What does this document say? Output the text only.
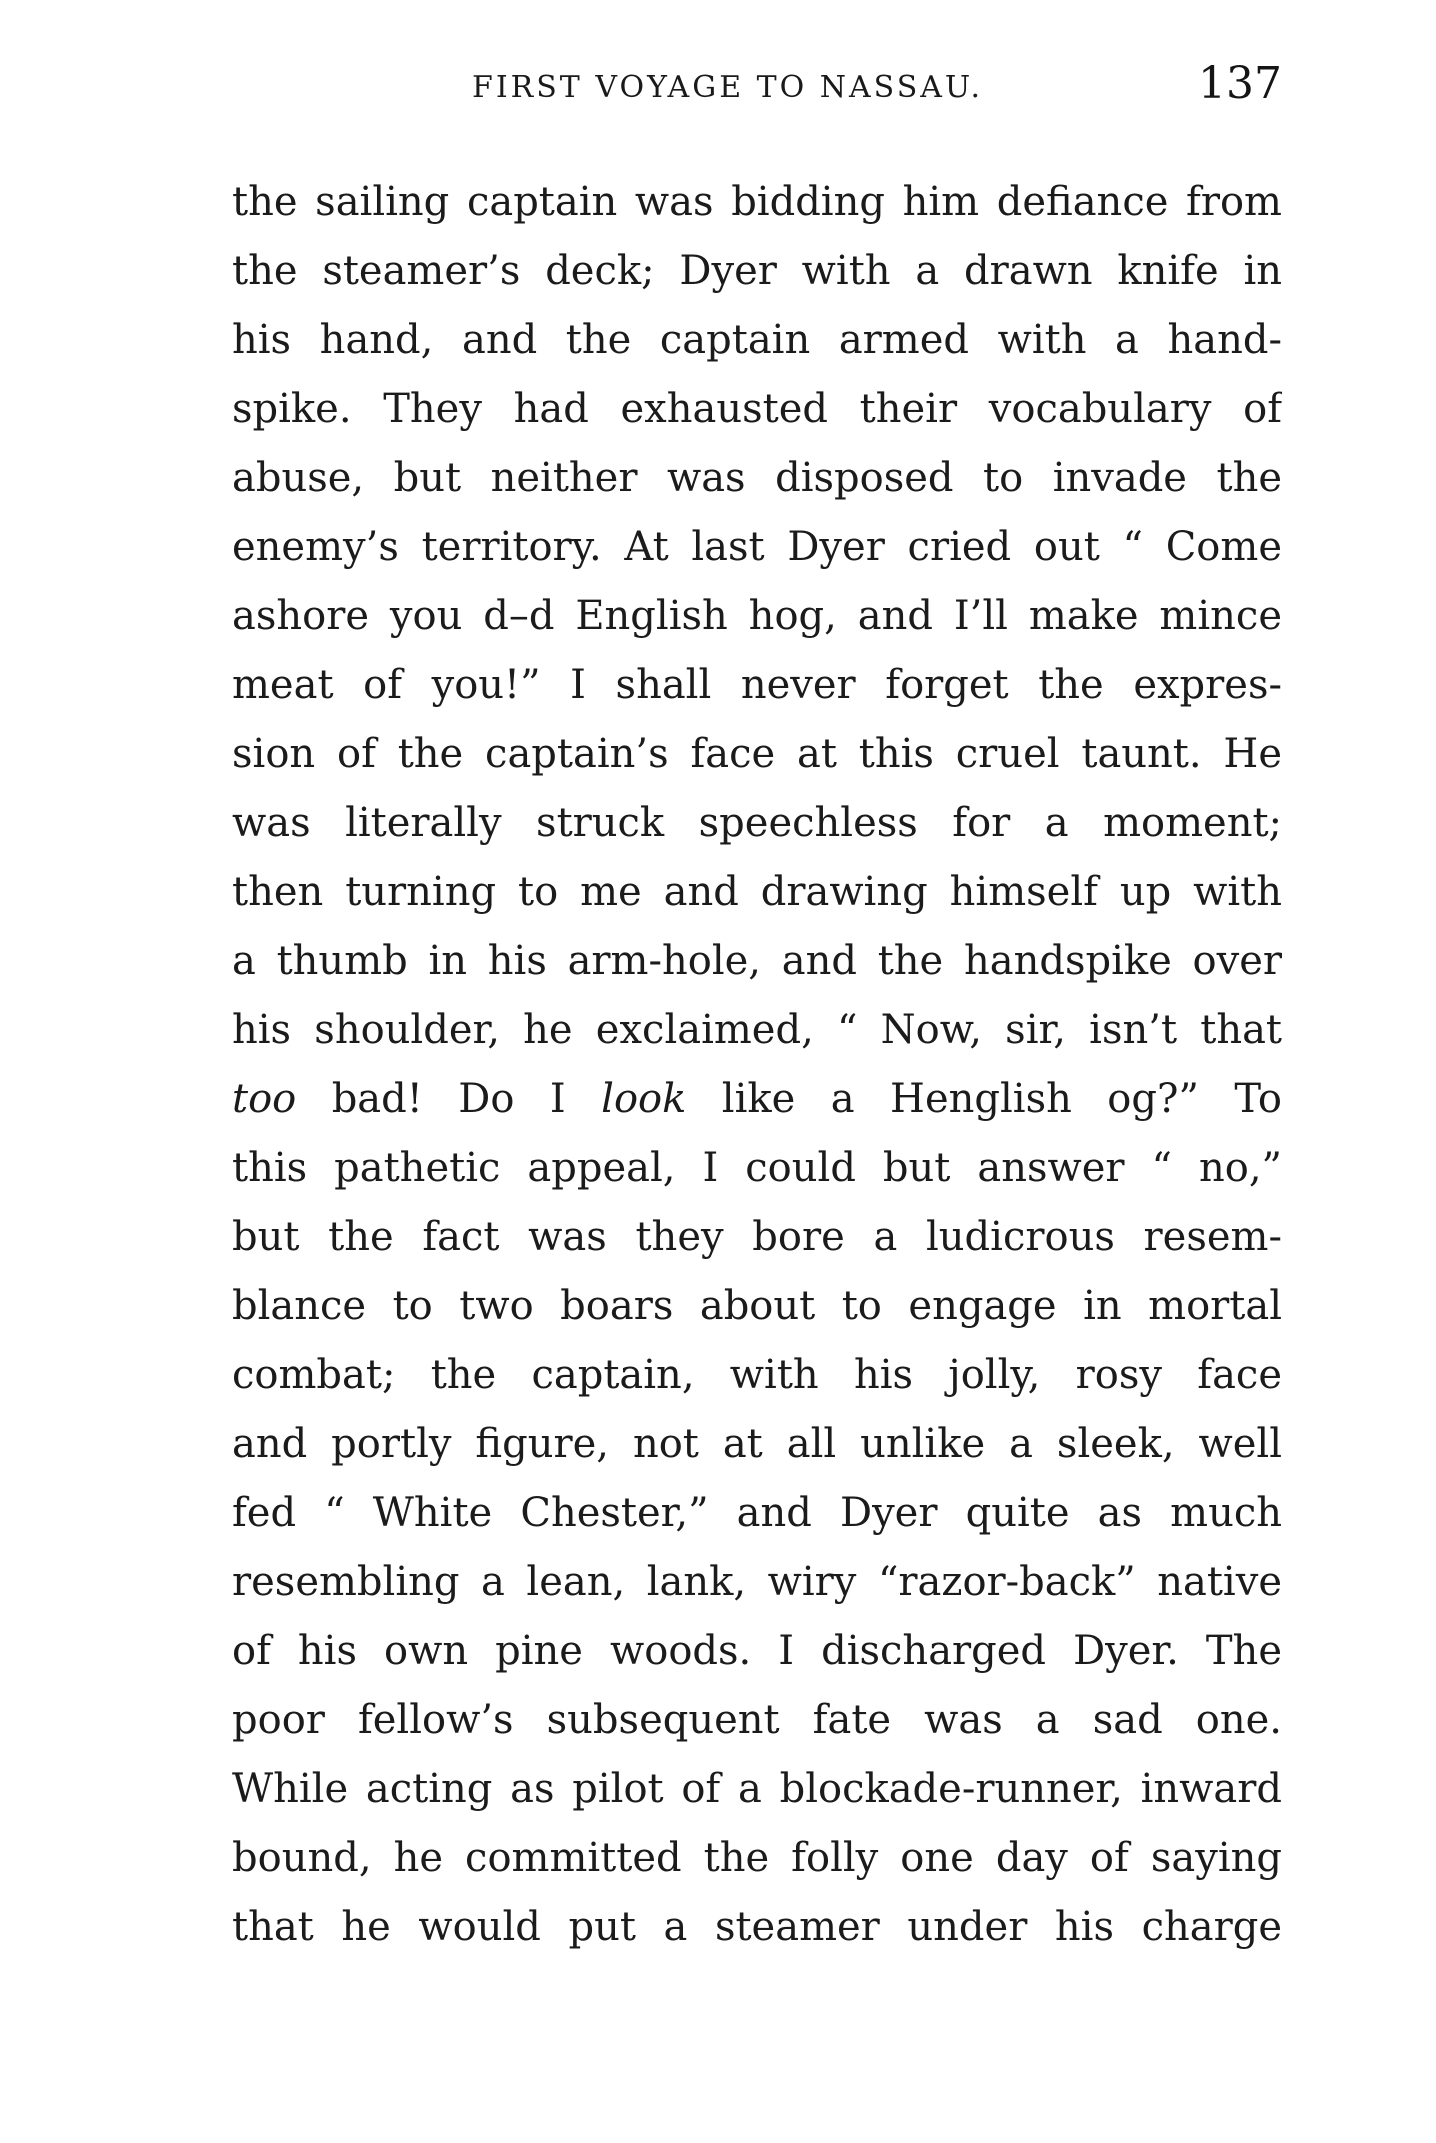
FIRST VOYAGE TO NASSAU.	137
the sailing captain was bidding him defiance from
the steamer’s deck; Dyer with a drawn knife in
his hand, and the captain armed with a hand-
spike. They had exhausted their vocabulary of
abuse, but neither was disposed to invade the
enemy’s territory. At last Dyer cried out “ Come
ashore you d–d English hog, and I’ll make mince
meat of you!” I shall never forget the expres-
sion of the captain’s face at this cruel taunt. He
was literally struck speechless for a moment;
then turning to me and drawing himself up with
a thumb in his arm-hole, and the handspike over
his shoulder, he exclaimed, “ Now, sir, isn’t that
too bad! Do I look like a Henglish og?” To
this pathetic appeal, I could but answer “ no,”
but the fact was they bore a ludicrous resem-
blance to two boars about to engage in mortal
combat; the captain, with his jolly, rosy face
and portly figure, not at all unlike a sleek, well
fed “ White Chester,” and Dyer quite as much
resembling a lean, lank, wiry “razor-back” native
of his own pine woods. I discharged Dyer. The
poor fellow’s subsequent fate was a sad one.
While acting as pilot of a blockade-runner, inward
bound, he committed the folly one day of saying
that he would put a steamer under his charge
